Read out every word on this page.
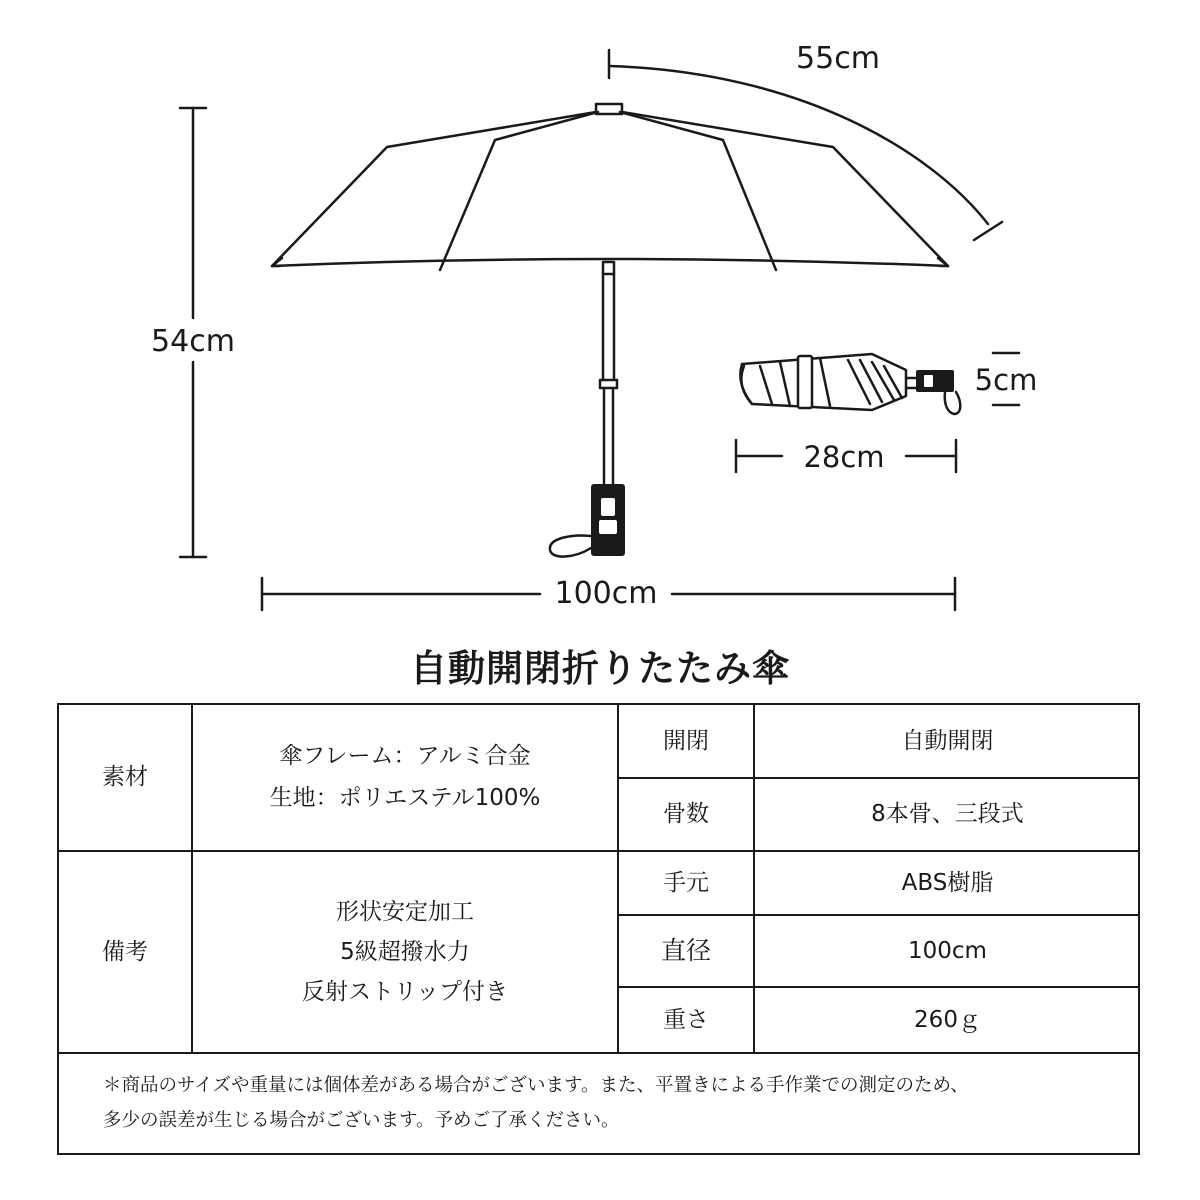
55cm
54cm
5cm
28cm
100cm
自動開閉折りたたみ傘
素材
傘フレーム：アルミ合金
生地：ポリエステル100%
開閉	自動開閉
骨数	8本骨、三段式
備考
形状安定加工
5級超撥水力
反射ストリップ付き
手元	ABS樹脂
直径	100cm
重さ	260ｇ
＊商品のサイズや重量には個体差がある場合がございます。また、平置きによる手作業での測定のため、
多少の誤差が生じる場合がございます。予めご了承ください。
